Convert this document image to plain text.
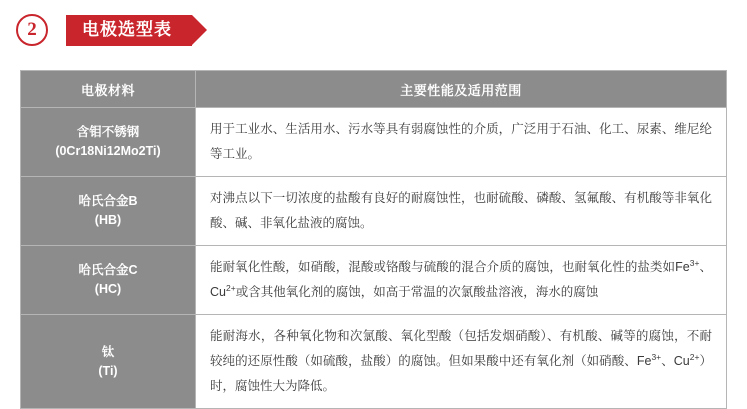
2	电极选型表
电极材料	主要性能及适用范围

含钼不锈钢
(0Cr18Ni12Mo2Ti)	用于工业水、生活用水、污水等具有弱腐蚀性的介质，广泛用于石油、化工、尿素、维尼纶等工业。

哈氏合金B
(HB)	对沸点以下一切浓度的盐酸有良好的耐腐蚀性，也耐硫酸、磷酸、氢氟酸、有机酸等非氧化酸、碱、非氧化盐液的腐蚀。

哈氏合金C
(HC)	能耐氧化性酸，如硝酸，混酸或铬酸与硫酸的混合介质的腐蚀，也耐氧化性的盐类如$Fe^{3+}$、$Cu^{2+}$或含其他氧化剂的腐蚀，如高于常温的次氯酸盐溶液，海水的腐蚀

钛
(Ti)	能耐海水，各种氧化物和次氯酸、氧化型酸（包括发烟硝酸）、有机酸、碱等的腐蚀，不耐较纯的还原性酸（如硫酸，盐酸）的腐蚀。但如果酸中还有氧化剂（如硝酸、$Fe^{3+}$、$Cu^{2+}$）时，腐蚀性大为降低。
